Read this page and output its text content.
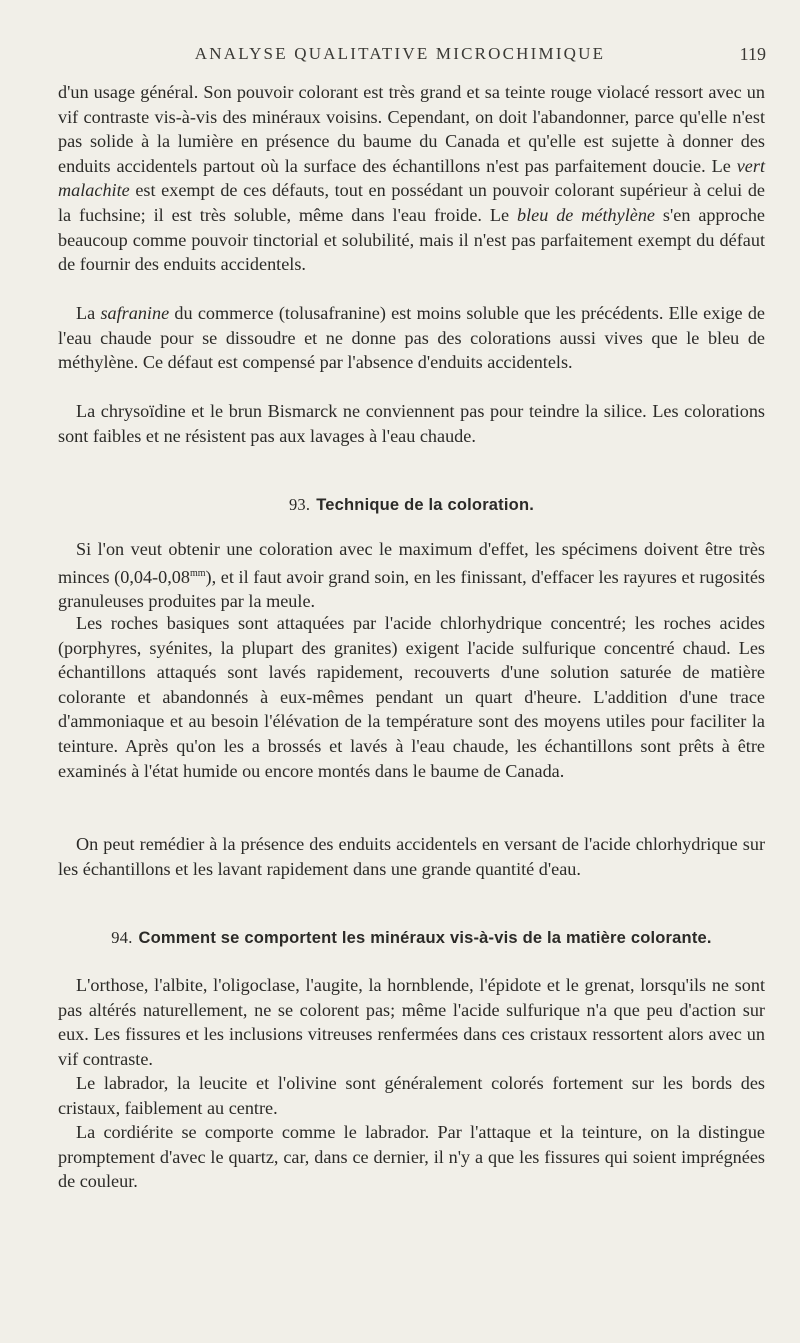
ANALYSE QUALITATIVE MICROCHIMIQUE	119

d'un usage général. Son pouvoir colorant est très grand et sa teinte rouge violacé ressort avec un vif contraste vis-à-vis des minéraux voisins. Cependant, on doit l'abandonner, parce qu'elle n'est pas solide à la lumière en présence du baume du Canada et qu'elle est sujette à donner des enduits accidentels partout où la surface des échantillons n'est pas parfaitement doucie. Le vert malachite est exempt de ces défauts, tout en possédant un pouvoir colorant supérieur à celui de la fuchsine; il est très soluble, même dans l'eau froide. Le bleu de méthylène s'en approche beaucoup comme pouvoir tinctorial et solubilité, mais il n'est pas parfaitement exempt du défaut de fournir des enduits accidentels.

La safranine du commerce (tolusafranine) est moins soluble que les précédents. Elle exige de l'eau chaude pour se dissoudre et ne donne pas des colorations aussi vives que le bleu de méthylène. Ce défaut est compensé par l'absence d'enduits accidentels.

La chrysoïdine et le brun Bismarck ne conviennent pas pour teindre la silice. Les colorations sont faibles et ne résistent pas aux lavages à l'eau chaude.

93. Technique de la coloration.

Si l'on veut obtenir une coloration avec le maximum d'effet, les spécimens doivent être très minces $(0,04-0,08^{mm})$, et il faut avoir grand soin, en les finissant, d'effacer les rayures et rugosités granuleuses produites par la meule.

Les roches basiques sont attaquées par l'acide chlorhydrique concentré; les roches acides (porphyres, syénites, la plupart des granites) exigent l'acide sulfurique concentré chaud. Les échantillons attaqués sont lavés rapidement, recouverts d'une solution saturée de matière colorante et abandonnés à eux-mêmes pendant un quart d'heure. L'addition d'une trace d'ammoniaque et au besoin l'élévation de la température sont des moyens utiles pour faciliter la teinture. Après qu'on les a brossés et lavés à l'eau chaude, les échantillons sont prêts à être examinés à l'état humide ou encore montés dans le baume de Canada.

On peut remédier à la présence des enduits accidentels en versant de l'acide chlorhydrique sur les échantillons et les lavant rapidement dans une grande quantité d'eau.

94. Comment se comportent les minéraux vis-à-vis de la matière colorante.

L'orthose, l'albite, l'oligoclase, l'augite, la hornblende, l'épidote et le grenat, lorsqu'ils ne sont pas altérés naturellement, ne se colorent pas; même l'acide sulfurique n'a que peu d'action sur eux. Les fissures et les inclusions vitreuses renfermées dans ces cristaux ressortent alors avec un vif contraste.

Le labrador, la leucite et l'olivine sont généralement colorés fortement sur les bords des cristaux, faiblement au centre.

La cordiérite se comporte comme le labrador. Par l'attaque et la teinture, on la distingue promptement d'avec le quartz, car, dans ce dernier, il n'y a que les fissures qui soient imprégnées de couleur.
